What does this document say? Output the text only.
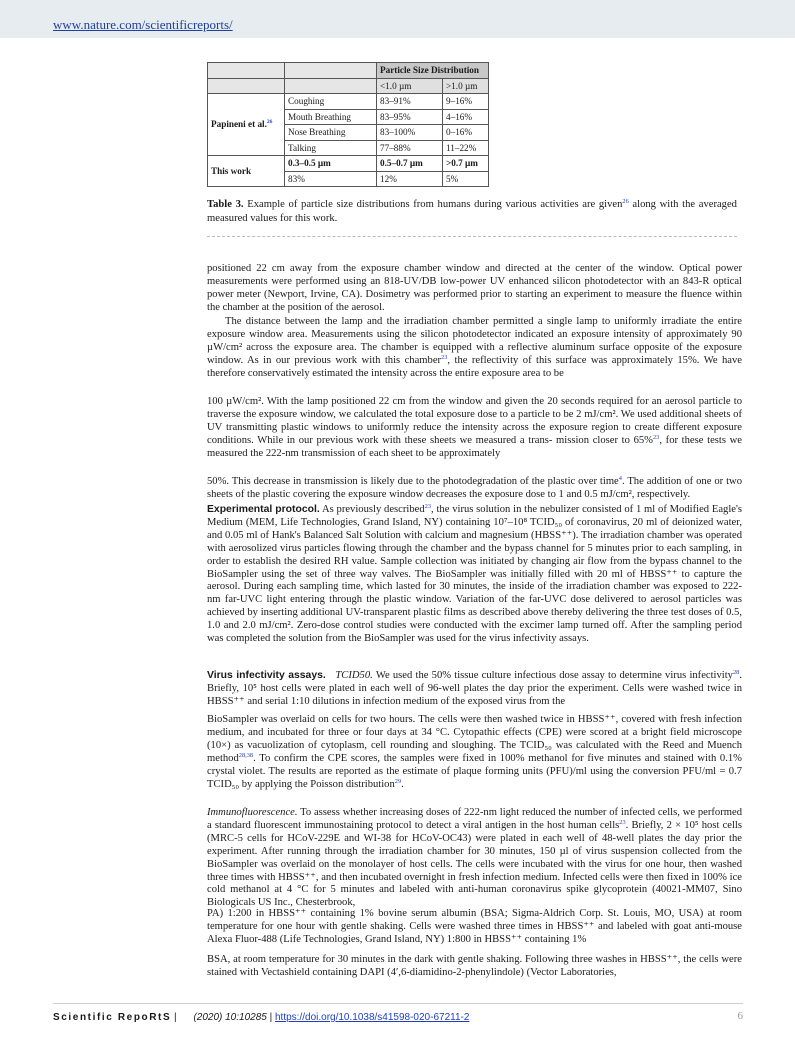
www.nature.com/scientificreports/
		Particle Size Distribution	
		<1.0 µm	>1.0 µm
Papineni et al.$^{26}$	Coughing	83–91%	9–16%
	Mouth Breathing	83–95%	4–16%
	Nose Breathing	83–100%	0–16%
	Talking	77–88%	11–22%
This work	0.3–0.5 µm	0.5–0.7 µm	>0.7 µm
	83%	12%	5%
Table 3. Example of particle size distributions from humans during various activities are given$^{26}$ along with the averaged measured values for this work.

positioned 22 cm away from the exposure chamber window and directed at the center of the window. Optical power measurements were performed using an 818-UV/DB low-power UV enhanced silicon photodetector with an 843-R optical power meter (Newport, Irvine, CA). Dosimetry was performed prior to starting an experiment to measure the fluence within the chamber at the position of the aerosol.

The distance between the lamp and the irradiation chamber permitted a single lamp to uniformly irradiate the entire exposure window area. Measurements using the silicon photodetector indicated an exposure intensity of approximately 90 µW/cm² across the exposure area. The chamber is equipped with a reflective aluminum surface opposite of the exposure window. As in our previous work with this chamber$^{23}$, the reflectivity of this surface was approximately 15%. We have therefore conservatively estimated the intensity across the entire exposure area to be

100 µW/cm². With the lamp positioned 22 cm from the window and given the 20 seconds required for an aerosol particle to traverse the exposure window, we calculated the total exposure dose to a particle to be 2 mJ/cm². We used additional sheets of UV transmitting plastic windows to uniformly reduce the intensity across the exposure region to create different exposure conditions. While in our previous work with these sheets we measured a trans- mission closer to 65%$^{23}$, for these tests we measured the 222-nm transmission of each sheet to be approximately

50%. This decrease in transmission is likely due to the photodegradation of the plastic over time$^4$. The addition of one or two sheets of the plastic covering the exposure window decreases the exposure dose to 1 and 0.5 mJ/cm², respectively.

Experimental protocol. As previously described$^{23}$, the virus solution in the nebulizer consisted of 1 ml of Modified Eagle's Medium (MEM, Life Technologies, Grand Island, NY) containing 10⁷–10⁸ TCID₅₀ of coronavirus, 20 ml of deionized water, and 0.05 ml of Hank's Balanced Salt Solution with calcium and magnesium (HBSS⁺⁺). The irradiation chamber was operated with aerosolized virus particles flowing through the chamber and the bypass channel for 5 minutes prior to each sampling, in order to establish the desired RH value. Sample collection was initiated by changing air flow from the bypass channel to the BioSampler using the set of three way valves. The BioSampler was initially filled with 20 ml of HBSS⁺⁺ to capture the aerosol. During each sampling time, which lasted for 30 minutes, the inside of the irradiation chamber was exposed to 222-nm far-UVC light entering through the plastic window. Variation of the far-UVC dose delivered to aerosol particles was achieved by inserting additional UV-transparent plastic films as described above thereby delivering the three test doses of 0.5, 1.0 and 2.0 mJ/cm². Zero-dose control studies were conducted with the excimer lamp turned off. After the sampling period was completed the solution from the BioSampler was used for the virus infectivity assays.

Virus infectivity assays. TCID50. We used the 50% tissue culture infectious dose assay to determine virus infectivity$^{28}$. Briefly, 10⁵ host cells were plated in each well of 96-well plates the day prior the experiment. Cells were washed twice in HBSS⁺⁺ and serial 1:10 dilutions in infection medium of the exposed virus from the

BioSampler was overlaid on cells for two hours. The cells were then washed twice in HBSS⁺⁺, covered with fresh infection medium, and incubated for three or four days at 34 °C. Cytopathic effects (CPE) were scored at a bright field microscope (10×) as vacuolization of cytoplasm, cell rounding and sloughing. The TCID₅₀ was calculated with the Reed and Muench method$^{28,38}$. To confirm the CPE scores, the samples were fixed in 100% methanol for five minutes and stained with 0.1% crystal violet. The results are reported as the estimate of plaque forming units (PFU)/ml using the conversion PFU/ml = 0.7 TCID₅₀ by applying the Poisson distribution$^{29}$.

Immunofluorescence. To assess whether increasing doses of 222-nm light reduced the number of infected cells, we performed a standard fluorescent immunostaining protocol to detect a viral antigen in the host human cells$^{23}$. Briefly, 2 × 10⁵ host cells (MRC-5 cells for HCoV-229E and WI-38 for HCoV-OC43) were plated in each well of 48-well plates the day prior the experiment. After running through the irradiation chamber for 30 minutes, 150 µl of virus suspension collected from the BioSampler was overlaid on the monolayer of host cells. The cells were incubated with the virus for one hour, then washed three times with HBSS⁺⁺, and then incubated overnight in fresh infection medium. Infected cells were then fixed in 100% ice cold methanol at 4 °C for 5 minutes and labeled with anti-human coronavirus spike glycoprotein (40021-MM07, Sino Biologicals US Inc., Chesterbrook,

PA) 1:200 in HBSS⁺⁺ containing 1% bovine serum albumin (BSA; Sigma-Aldrich Corp. St. Louis, MO, USA) at room temperature for one hour with gentle shaking. Cells were washed three times in HBSS⁺⁺ and labeled with goat anti-mouse Alexa Fluor-488 (Life Technologies, Grand Island, NY) 1:800 in HBSS⁺⁺ containing 1%

BSA, at room temperature for 30 minutes in the dark with gentle shaking. Following three washes in HBSS⁺⁺, the cells were stained with Vectashield containing DAPI (4′,6-diamidino-2-phenylindole) (Vector Laboratories,

Scientific RepoRtS | (2020) 10:10285 | https://doi.org/10.1038/s41598-020-67211-2	6
